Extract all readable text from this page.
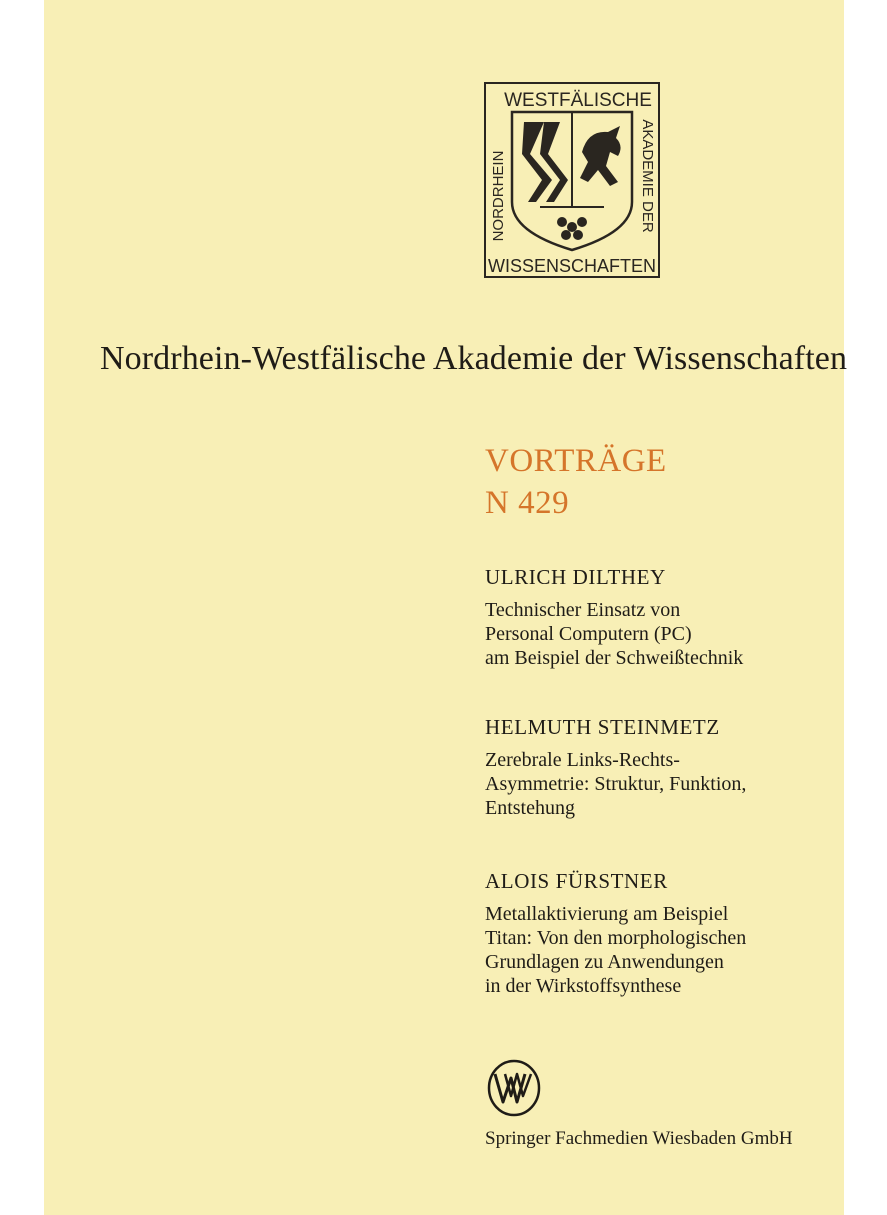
WESTFÄLISCHE
WISSENSCHAFTEN
NORDRHEIN	AKADEMIE DER
Nordrhein-Westfälische Akademie der Wissenschaften
VORTRÄGE
N 429
ULRICH DILTHEY
Technischer Einsatz von
Personal Computern (PC)
am Beispiel der Schweißtechnik
HELMUTH STEINMETZ
Zerebrale Links-Rechts-
Asymmetrie: Struktur, Funktion,
Entstehung
ALOIS FÜRSTNER
Metallaktivierung am Beispiel
Titan: Von den morphologischen
Grundlagen zu Anwendungen
in der Wirkstoffsynthese
Springer Fachmedien Wiesbaden GmbH
